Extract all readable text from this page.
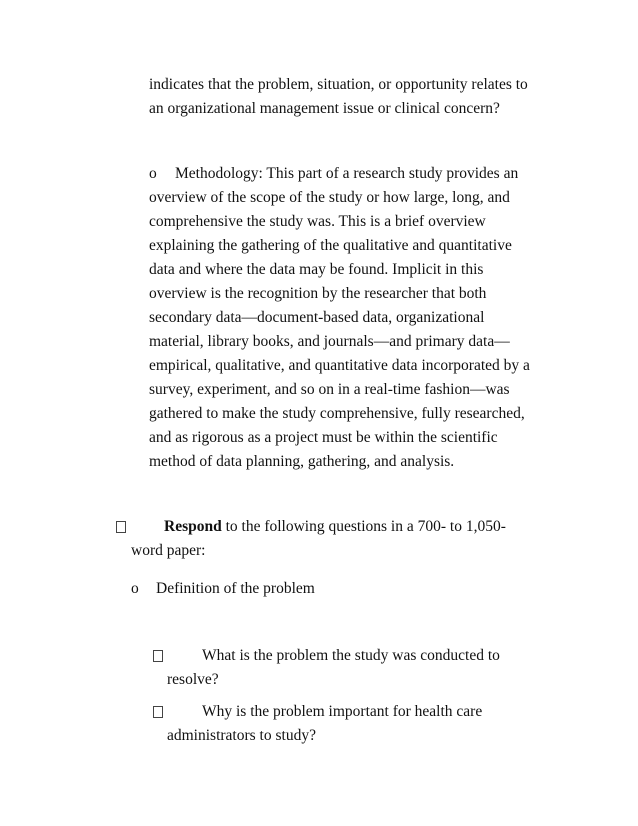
indicates that the problem, situation, or opportunity relates to
an organizational management issue or clinical concern?
o Methodology: This part of a research study provides an
overview of the scope of the study or how large, long, and
comprehensive the study was. This is a brief overview
explaining the gathering of the qualitative and quantitative
data and where the data may be found. Implicit in this
overview is the recognition by the researcher that both
secondary data—document-based data, organizational
material, library books, and journals—and primary data—
empirical, qualitative, and quantitative data incorporated by a
survey, experiment, and so on in a real-time fashion—was
gathered to make the study comprehensive, fully researched,
and as rigorous as a project must be within the scientific
method of data planning, gathering, and analysis.
Respond to the following questions in a 700- to 1,050-
word paper:
o Definition of the problem
What is the problem the study was conducted to
resolve?
Why is the problem important for health care
administrators to study?
